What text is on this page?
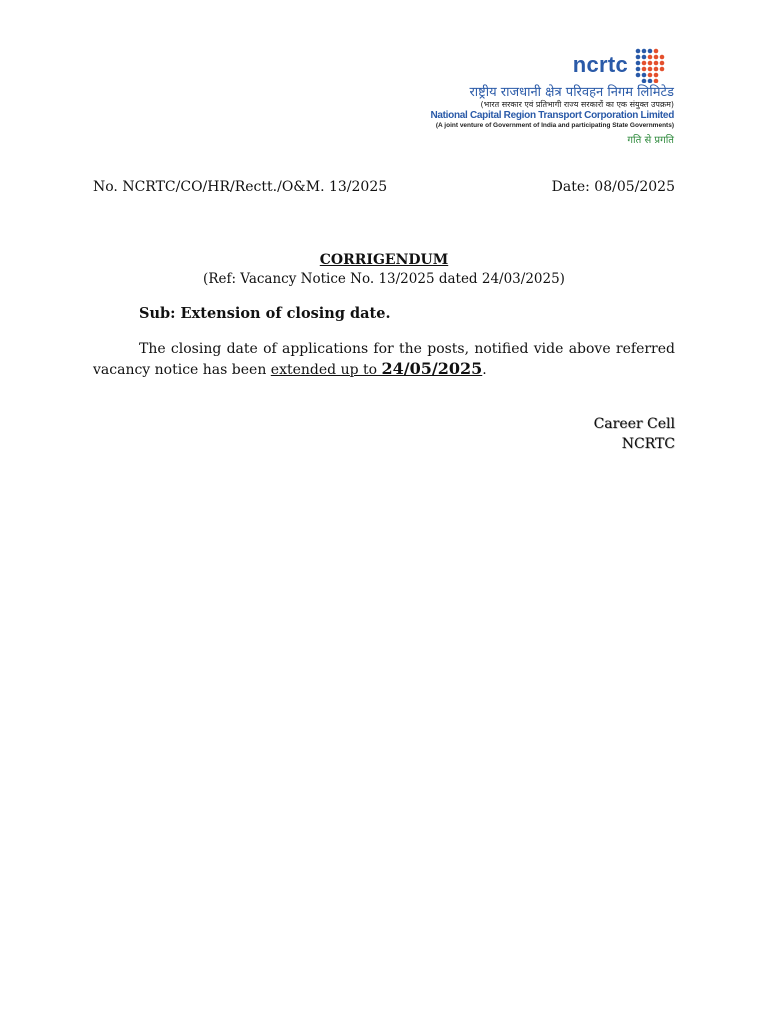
ncrtc
राष्ट्रीय राजधानी क्षेत्र परिवहन निगम लिमिटेड
(भारत सरकार एवं प्रतिभागी राज्य सरकारों का एक संयुक्त उपक्रम)
National Capital Region Transport Corporation Limited
(A joint venture of Government of India and participating State Governments)
गति से प्रगति
No. NCRTC/CO/HR/Rectt./O&M. 13/2025	Date: 08/05/2025
CORRIGENDUM
(Ref: Vacancy Notice No. 13/2025 dated 24/03/2025)
Sub: Extension of closing date.
The closing date of applications for the posts, notified vide above referred vacancy notice has been extended up to 24/05/2025.
Career Cell
NCRTC
